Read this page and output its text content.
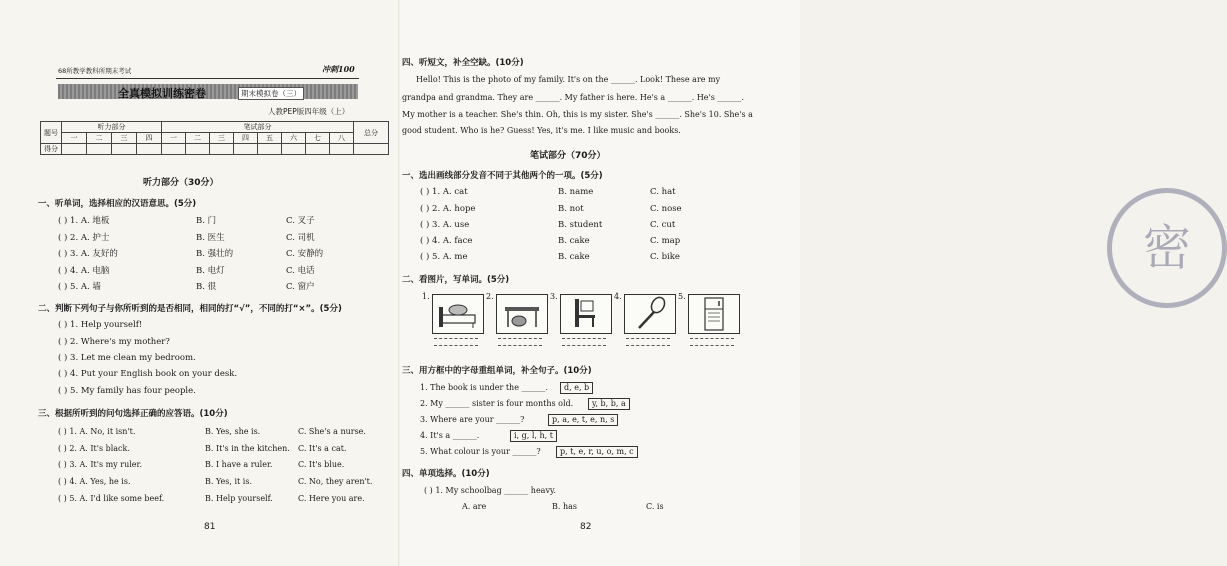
68所教学教科所期末考试	冲刺100
全真模拟训练密卷	期末模拟卷（三）
人教PEP版四年级（上）
题号	听力部分				笔试部分								总分
	一	二	三	四	一	二	三	四	五	六	七	八	
得分													
听力部分（30分）
一、听单词，选择相应的汉语意思。(5分)
( ) 1. A. 地板	B. 门	C. 叉子
( ) 2. A. 护士	B. 医生	C. 司机
( ) 3. A. 友好的	B. 强壮的	C. 安静的
( ) 4. A. 电脑	B. 电灯	C. 电话
( ) 5. A. 墙	B. 很	C. 窗户
二、判断下列句子与你所听到的是否相同，相同的打“√”，不同的打“×”。(5分)
( ) 1. Help yourself!
( ) 2. Where's my mother?
( ) 3. Let me clean my bedroom.
( ) 4. Put your English book on your desk.
( ) 5. My family has four people.
三、根据所听到的问句选择正确的应答语。(10分)
( ) 1. A. No, it isn't.	B. Yes, she is.	C. She's a nurse.
( ) 2. A. It's black.	B. It's in the kitchen. C. It's a cat.
( ) 3. A. It's my ruler.	B. I have a ruler.	C. It's blue.
( ) 4. A. Yes, he is.	B. Yes, it is.	C. No, they aren't.
( ) 5. A. I'd like some beef.	B. Help yourself.	C. Here you are.
81
密
四、听短文，补全空缺。(10分)
Hello! This is the photo of my family. It's on the ______. Look! These are my
grandpa and grandma. They are ______. My father is here. He's a ______. He's ______.
My mother is a teacher. She's thin. Oh, this is my sister. She's ______. She's 10. She's a
good student. Who is he? Guess! Yes, it's me. I like music and books.
笔试部分（70分）
一、选出画线部分发音不同于其他两个的一项。(5分)
( ) 1. A. cat	B. name	C. hat
( ) 2. A. hope	B. not	C. nose
( ) 3. A. use	B. student	C. cut
( ) 4. A. face	B. cake	C. map
( ) 5. A. me	B. cake	C. bike
二、看图片，写单词。(5分)
1.	2.	3.	4.	5.
三、用方框中的字母重组单词，补全句子。(10分)
1. The book is under the ______.	d, e, b
2. My ______ sister is four months old.	y, b, b, a
3. Where are your ______?	p, a, e, t, e, n, s
4. It's a ______.	i, g, l, h, t
5. What colour is your ______?	p, t, e, r, u, o, m, c
四、单项选择。(10分)
( ) 1. My schoolbag ______ heavy.
A. are	B. has	C. is
82
